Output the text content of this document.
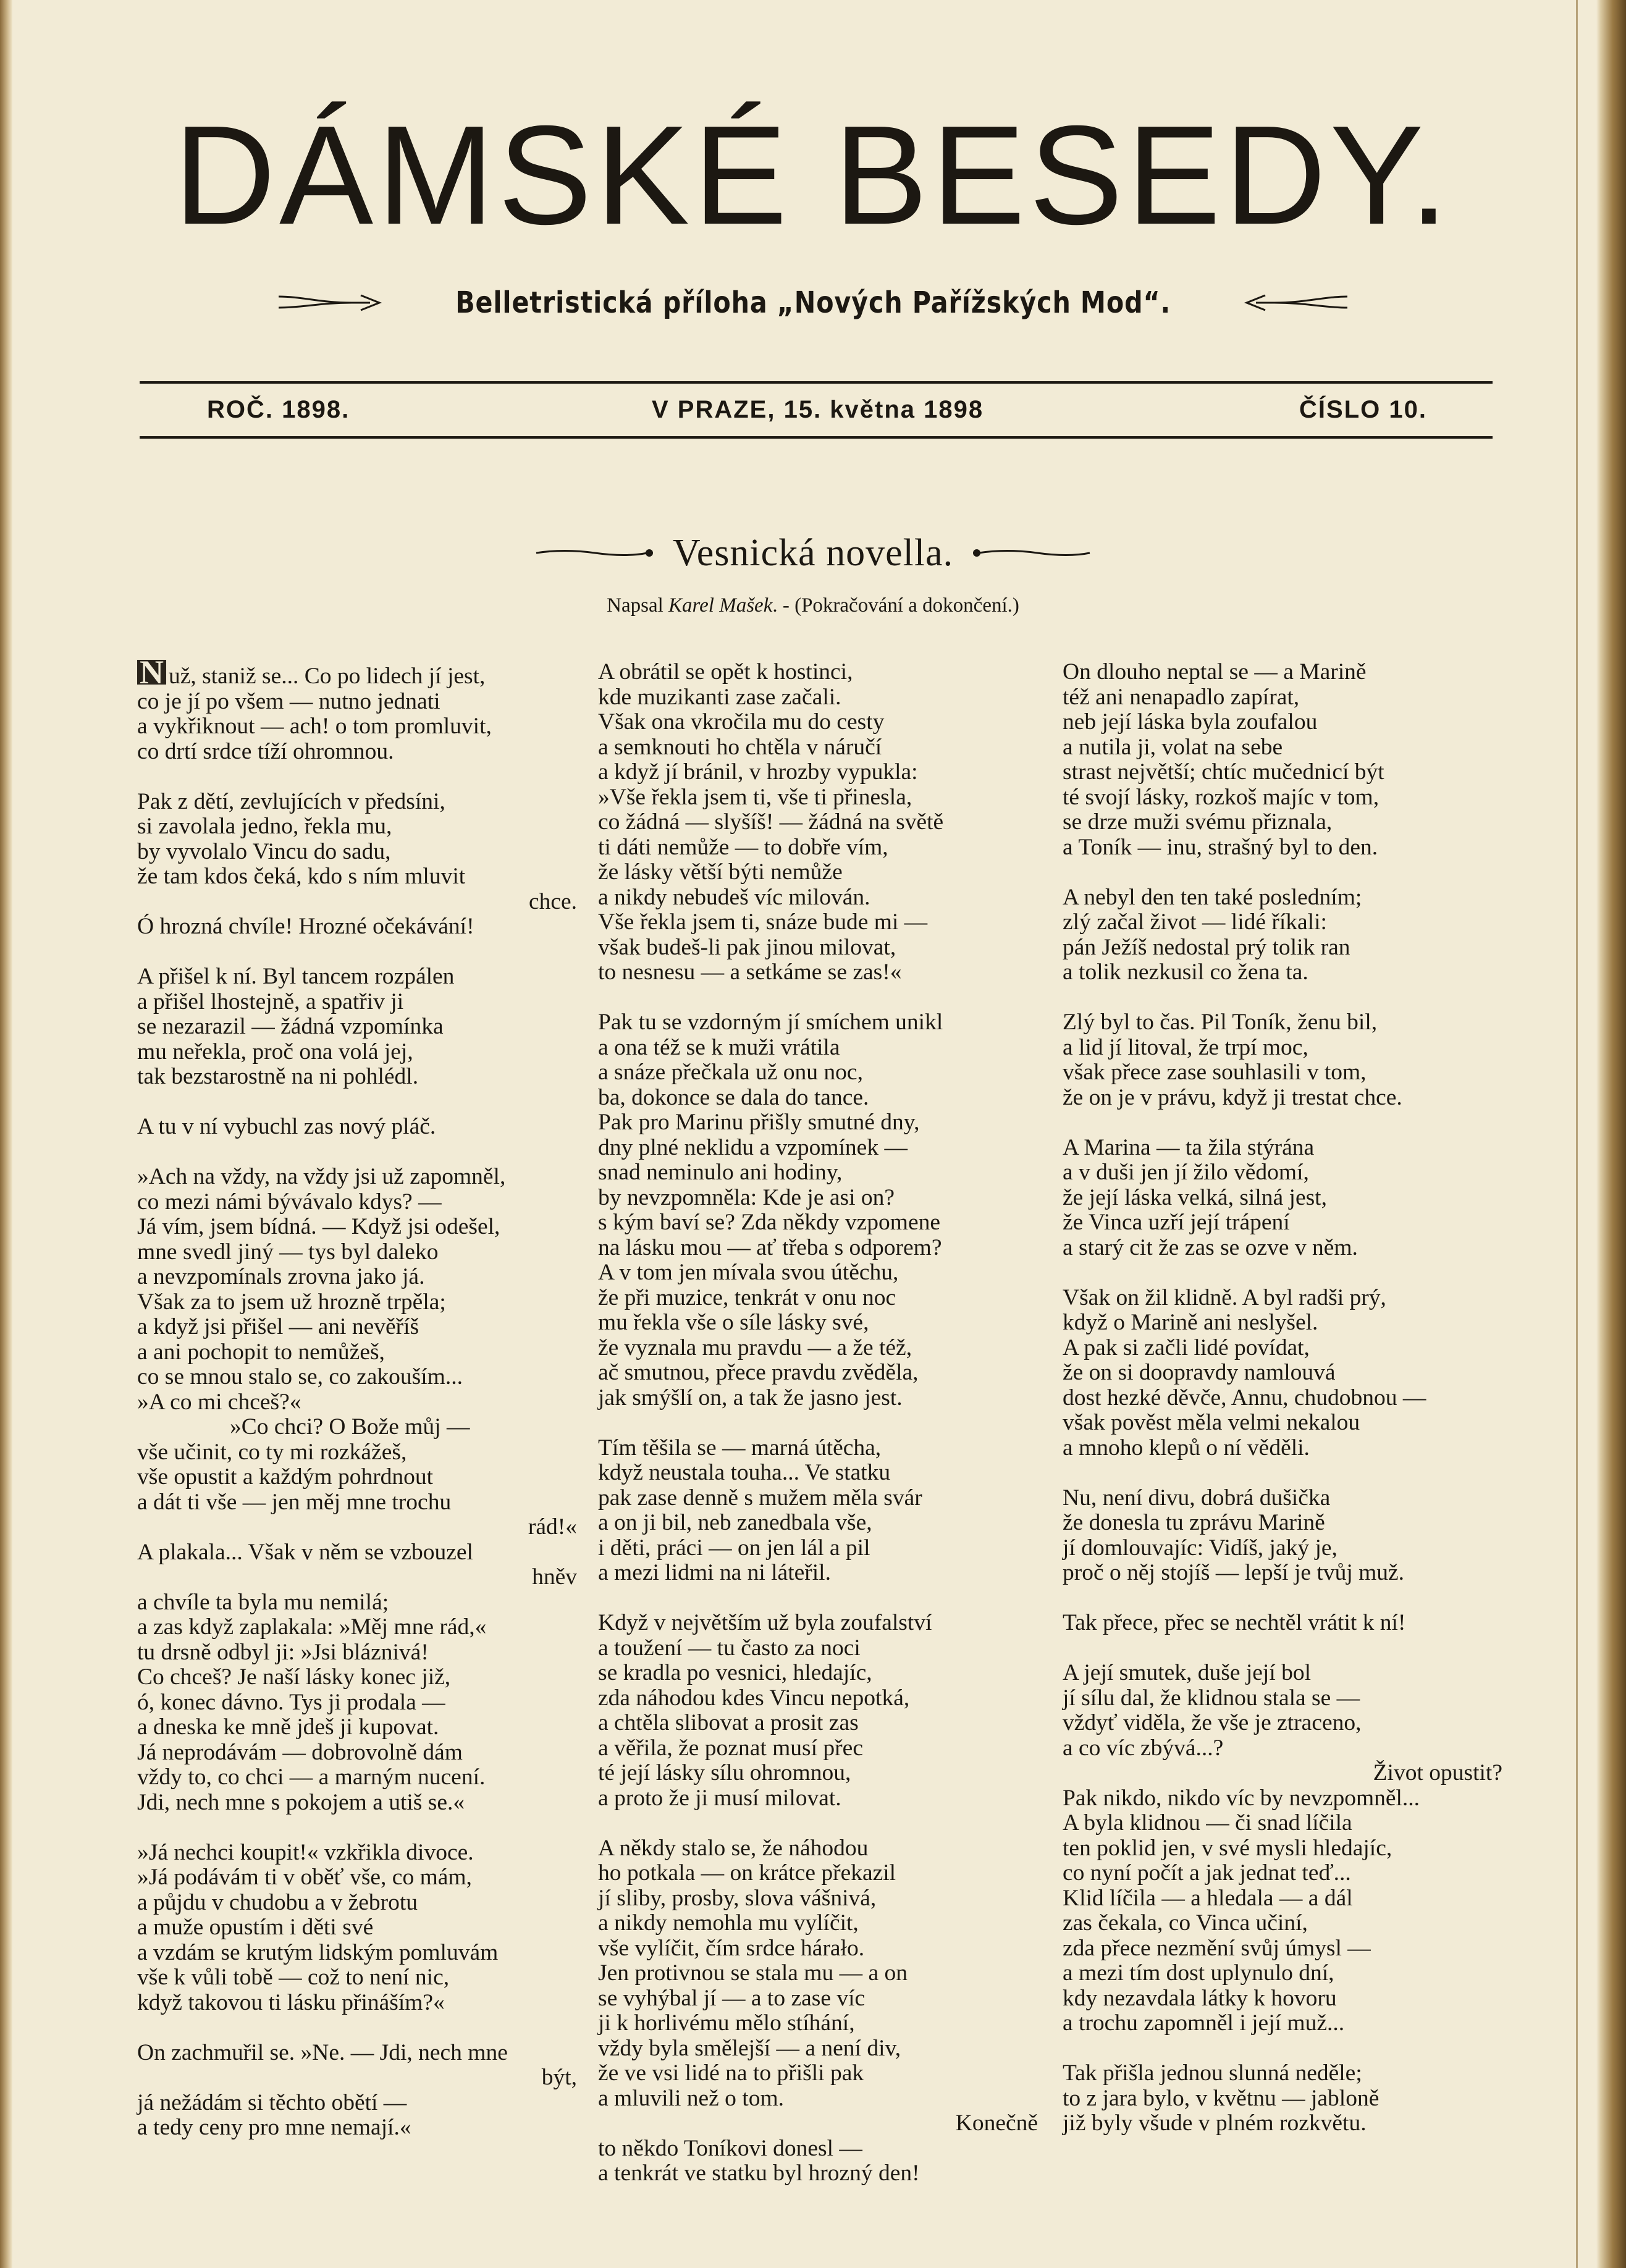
DÁMSKÉ BESEDY.
Belletristická příloha „Nových Pařížských Mod“.
ROČ. 1898.	V PRAZE, 15. května 1898	ČÍSLO 10.
Vesnická novella.
Napsal Karel Mašek. - (Pokračování a dokončení.)

N už, staniž se... Co po lidech jí jest,

co je jí po všem — nutno jednati

a vykřiknout — ach! o tom promluvit,

co drtí srdce tíží ohromnou.

Pak z dětí, zevlujících v předsíni,

si zavolala jedno, řekla mu,

by vyvolalo Vincu do sadu,

že tam kdos čeká, kdo s ním mluvit

chce.

Ó hrozná chvíle! Hrozné očekávání!

A přišel k ní. Byl tancem rozpálen

a přišel lhostejně, a spatřiv ji

se nezarazil — žádná vzpomínka

mu neřekla, proč ona volá jej,

tak bezstarostně na ni pohlédl.

A tu v ní vybuchl zas nový pláč.

»Ach na vždy, na vždy jsi už zapomněl,

co mezi námi bývávalo kdys? —

Já vím, jsem bídná. — Když jsi odešel,

mne svedl jiný — tys byl daleko

a nevzpomínals zrovna jako já.

Však za to jsem už hrozně trpěla;

a když jsi přišel — ani nevěříš

a ani pochopit to nemůžeš,

co se mnou stalo se, co zakouším...

»A co mi chceš?«

»Co chci? O Bože můj —

vše učinit, co ty mi rozkážeš,

vše opustit a každým pohrdnout

a dát ti vše — jen měj mne trochu

rád!«

A plakala... Však v něm se vzbouzel

hněv

a chvíle ta byla mu nemilá;

a zas když zaplakala: »Měj mne rád,«

tu drsně odbyl ji: »Jsi bláznivá!

Co chceš? Je naší lásky konec již,

ó, konec dávno. Tys ji prodala —

a dneska ke mně jdeš ji kupovat.

Já neprodávám — dobrovolně dám

vždy to, co chci — a marným nucení.

Jdi, nech mne s pokojem a utiš se.«

»Já nechci koupit!« vzkřikla divoce.

»Já podávám ti v oběť vše, co mám,

a půjdu v chudobu a v žebrotu

a muže opustím i děti své

a vzdám se krutým lidským pomluvám

vše k vůli tobě — což to není nic,

když takovou ti lásku přináším?«

On zachmuřil se. »Ne. — Jdi, nech mne

být,

já nežádám si těchto obětí —

a tedy ceny pro mne nemají.«

A obrátil se opět k hostinci,

kde muzikanti zase začali.

Však ona vkročila mu do cesty

a semknouti ho chtěla v náručí

a když jí bránil, v hrozby vypukla:

»Vše řekla jsem ti, vše ti přinesla,

co žádná — slyšíš! — žádná na světě

ti dáti nemůže — to dobře vím,

že lásky větší býti nemůže

a nikdy nebudeš víc milován.

Vše řekla jsem ti, snáze bude mi —

však budeš-li pak jinou milovat,

to nesnesu — a setkáme se zas!«

Pak tu se vzdorným jí smíchem unikl

a ona též se k muži vrátila

a snáze přečkala už onu noc,

ba, dokonce se dala do tance.

Pak pro Marinu přišly smutné dny,

dny plné neklidu a vzpomínek —

snad neminulo ani hodiny,

by nevzpomněla: Kde je asi on?

s kým baví se? Zda někdy vzpomene

na lásku mou — ať třeba s odporem?

A v tom jen mívala svou útěchu,

že při muzice, tenkrát v onu noc

mu řekla vše o síle lásky své,

že vyznala mu pravdu — a že též,

ač smutnou, přece pravdu zvěděla,

jak smýšlí on, a tak že jasno jest.

Tím těšila se — marná útěcha,

když neustala touha... Ve statku

pak zase denně s mužem měla svár

a on ji bil, neb zanedbala vše,

i děti, práci — on jen lál a pil

a mezi lidmi na ni láteřil.

Když v největším už byla zoufalství

a toužení — tu často za noci

se kradla po vesnici, hledajíc,

zda náhodou kdes Vincu nepotká,

a chtěla slibovat a prosit zas

a věřila, že poznat musí přec

té její lásky sílu ohromnou,

a proto že ji musí milovat.

A někdy stalo se, že náhodou

ho potkala — on krátce překazil

jí sliby, prosby, slova vášnivá,

a nikdy nemohla mu vylíčit,

vše vylíčit, čím srdce hárało.

Jen protivnou se stala mu — a on

se vyhýbal jí — a to zase víc

ji k horlivému mělo stíhání,

vždy byla smělejší — a není div,

že ve vsi lidé na to přišli pak

a mluvili než o tom.

Konečně

to někdo Toníkovi donesl —

a tenkrát ve statku byl hrozný den!

On dlouho neptal se — a Marině

též ani nenapadlo zapírat,

neb její láska byla zoufalou

a nutila ji, volat na sebe

strast největší; chtíc mučednicí být

té svojí lásky, rozkoš majíc v tom,

se drze muži svému přiznala,

a Toník — inu, strašný byl to den.

A nebyl den ten také posledním;

zlý začal život — lidé říkali:

pán Ježíš nedostal prý tolik ran

a tolik nezkusil co žena ta.

Zlý byl to čas. Pil Toník, ženu bil,

a lid jí litoval, že trpí moc,

však přece zase souhlasili v tom,

že on je v právu, když ji trestat chce.

A Marina — ta žila stýrána

a v duši jen jí žilo vědomí,

že její láska velká, silná jest,

že Vinca uzří její trápení

a starý cit že zas se ozve v něm.

Však on žil klidně. A byl radši prý,

když o Marině ani neslyšel.

A pak si začli lidé povídat,

že on si doopravdy namlouvá

dost hezké děvče, Annu, chudobnou —

však pověst měla velmi nekalou

a mnoho klepů o ní věděli.

Nu, není divu, dobrá dušička

že donesla tu zprávu Marině

jí domlouvajíc: Vidíš, jaký je,

proč o něj stojíš — lepší je tvůj muž.

Tak přece, přec se nechtěl vrátit k ní!

A její smutek, duše její bol

jí sílu dal, že klidnou stala se —

vždyť viděla, že vše je ztraceno,

a co víc zbývá...?

Život opustit?

Pak nikdo, nikdo víc by nevzpomněl...

A byla klidnou — či snad líčila

ten poklid jen, v své mysli hledajíc,

co nyní počít a jak jednat teď...

Klid líčila — a hledala — a dál

zas čekala, co Vinca učiní,

zda přece nezmění svůj úmysl —

a mezi tím dost uplynulo dní,

kdy nezavdala látky k hovoru

a trochu zapomněl i její muž...

Tak přišla jednou slunná neděle;

to z jara bylo, v květnu — jabloně

již byly všude v plném rozkvětu.
